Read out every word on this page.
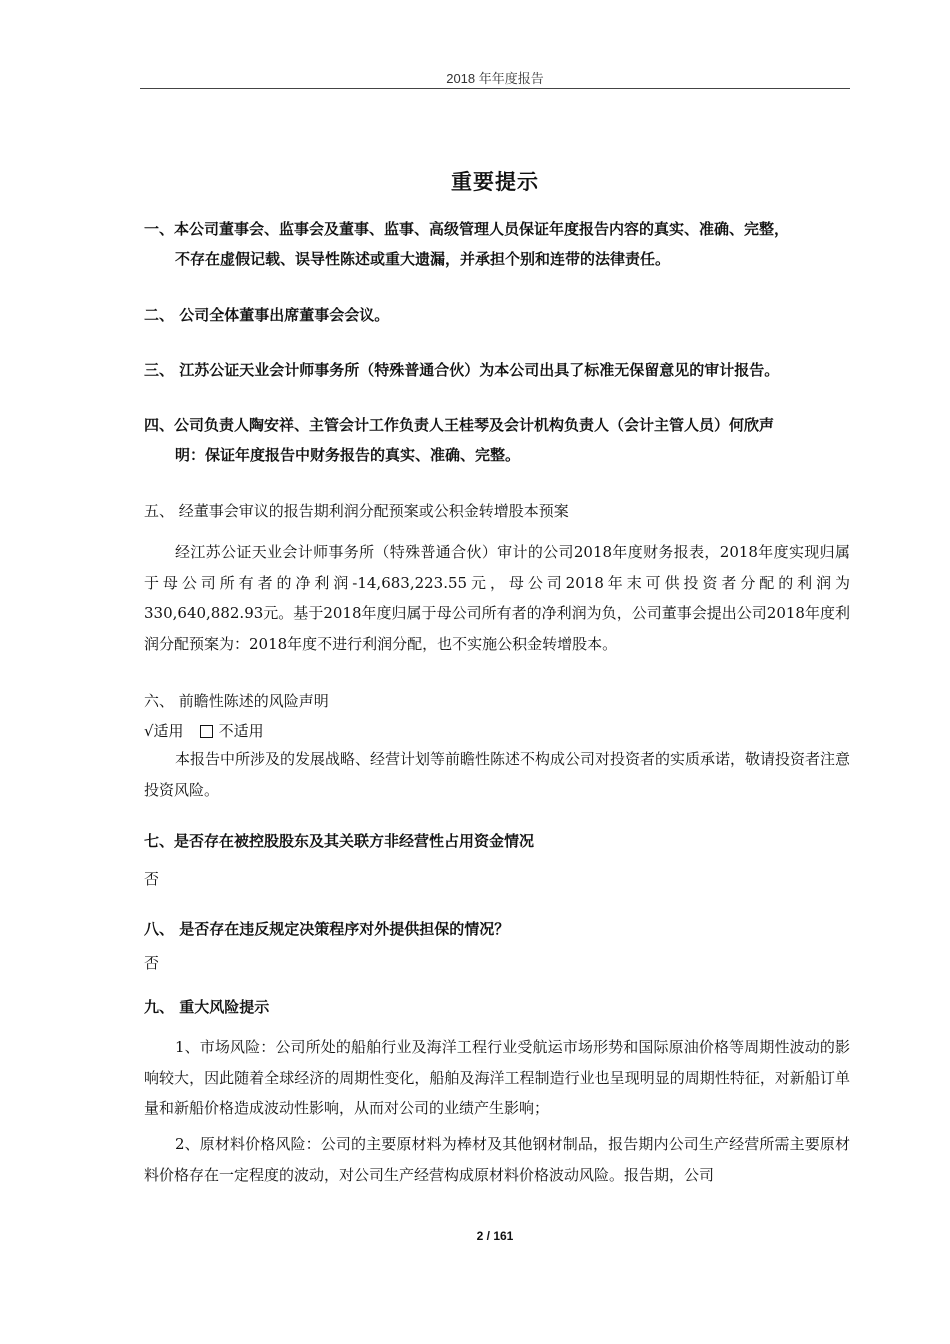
2018 年年度报告
重要提示
一、本公司董事会、监事会及董事、监事、高级管理人员保证年度报告内容的真实、准确、完整，
不存在虚假记载、误导性陈述或重大遗漏，并承担个别和连带的法律责任。
二、 公司全体董事出席董事会会议。
三、 江苏公证天业会计师事务所（特殊普通合伙）为本公司出具了标准无保留意见的审计报告。
四、公司负责人陶安祥、主管会计工作负责人王桂琴及会计机构负责人（会计主管人员）何欣声
明：保证年度报告中财务报告的真实、准确、完整。
五、 经董事会审议的报告期利润分配预案或公积金转增股本预案
经江苏公证天业会计师事务所（特殊普通合伙）审计的公司2018年度财务报表，2018年度实现归属于母公司所有者的净利润-14,683,223.55元，母公司2018年末可供投资者分配的利润为330,640,882.93元。基于2018年度归属于母公司所有者的净利润为负，公司董事会提出公司2018年度利润分配预案为：2018年度不进行利润分配，也不实施公积金转增股本。
六、 前瞻性陈述的风险声明
√适用 不适用
本报告中所涉及的发展战略、经营计划等前瞻性陈述不构成公司对投资者的实质承诺，敬请投资者注意投资风险。
七、是否存在被控股股东及其关联方非经营性占用资金情况
否
八、 是否存在违反规定决策程序对外提供担保的情况？
否
九、 重大风险提示
1、市场风险：公司所处的船舶行业及海洋工程行业受航运市场形势和国际原油价格等周期性波动的影响较大，因此随着全球经济的周期性变化，船舶及海洋工程制造行业也呈现明显的周期性特征，对新船订单量和新船价格造成波动性影响，从而对公司的业绩产生影响；
2、原材料价格风险：公司的主要原材料为棒材及其他钢材制品，报告期内公司生产经营所需主要原材料价格存在一定程度的波动，对公司生产经营构成原材料价格波动风险。报告期，公司
2 / 161
